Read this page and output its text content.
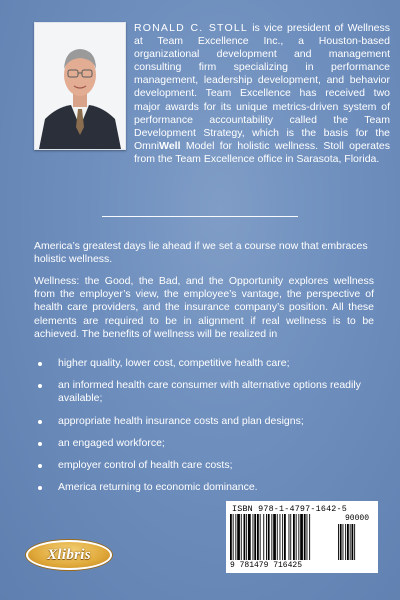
RONALD C. STOLL is vice president of Wellness at Team Excellence Inc., a Houston-based organizational development and management consulting firm specializing in performance management, leadership development, and behavior development. Team Excellence has received two major awards for its unique metrics-driven system of performance accountability called the Team Development Strategy, which is the basis for the OmniWell Model for holistic wellness. Stoll operates from the Team Excellence office in Sarasota, Florida.

America’s greatest days lie ahead if we set a course now that embraces holistic wellness.

Wellness: the Good, the Bad, and the Opportunity explores wellness from the employer’s view, the employee’s vantage, the perspective of health care providers, and the insurance company’s position. All these elements are required to be in alignment if real wellness is to be achieved. The benefits of wellness will be realized in

higher quality, lower cost, competitive health care;
an informed health care consumer with alternative options readily available;
appropriate health insurance costs and plan designs;
an engaged workforce;
employer control of health care costs;
America returning to economic dominance.
Xlibris
ISBN 978-1-4797-1642-5
90000
9 781479 716425
